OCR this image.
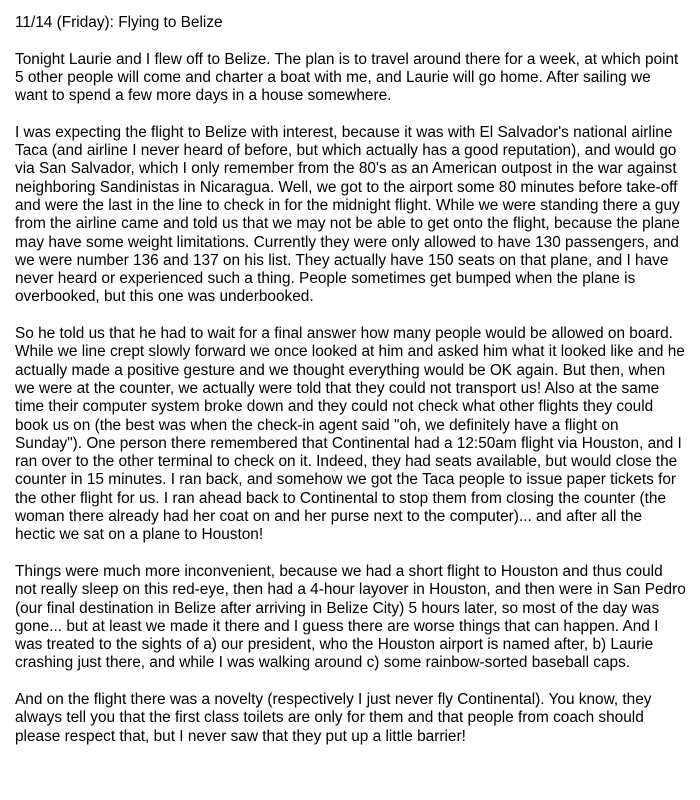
11/14 (Friday): Flying to Belize

Tonight Laurie and I flew off to Belize. The plan is to travel around there for a week, at which point
5 other people will come and charter a boat with me, and Laurie will go home. After sailing we
want to spend a few more days in a house somewhere.

I was expecting the flight to Belize with interest, because it was with El Salvador's national airline
Taca (and airline I never heard of before, but which actually has a good reputation), and would go
via San Salvador, which I only remember from the 80's as an American outpost in the war against
neighboring Sandinistas in Nicaragua. Well, we got to the airport some 80 minutes before take-off
and were the last in the line to check in for the midnight flight. While we were standing there a guy
from the airline came and told us that we may not be able to get onto the flight, because the plane
may have some weight limitations. Currently they were only allowed to have 130 passengers, and
we were number 136 and 137 on his list. They actually have 150 seats on that plane, and I have
never heard or experienced such a thing. People sometimes get bumped when the plane is
overbooked, but this one was underbooked.

So he told us that he had to wait for a final answer how many people would be allowed on board.
While we line crept slowly forward we once looked at him and asked him what it looked like and he
actually made a positive gesture and we thought everything would be OK again. But then, when
we were at the counter, we actually were told that they could not transport us! Also at the same
time their computer system broke down and they could not check what other flights they could
book us on (the best was when the check-in agent said "oh, we definitely have a flight on
Sunday"). One person there remembered that Continental had a 12:50am flight via Houston, and I
ran over to the other terminal to check on it. Indeed, they had seats available, but would close the
counter in 15 minutes. I ran back, and somehow we got the Taca people to issue paper tickets for
the other flight for us. I ran ahead back to Continental to stop them from closing the counter (the
woman there already had her coat on and her purse next to the computer)... and after all the
hectic we sat on a plane to Houston!

Things were much more inconvenient, because we had a short flight to Houston and thus could
not really sleep on this red-eye, then had a 4-hour layover in Houston, and then were in San Pedro
(our final destination in Belize after arriving in Belize City) 5 hours later, so most of the day was
gone... but at least we made it there and I guess there are worse things that can happen. And I
was treated to the sights of a) our president, who the Houston airport is named after, b) Laurie
crashing just there, and while I was walking around c) some rainbow-sorted baseball caps.

And on the flight there was a novelty (respectively I just never fly Continental). You know, they
always tell you that the first class toilets are only for them and that people from coach should
please respect that, but I never saw that they put up a little barrier!
